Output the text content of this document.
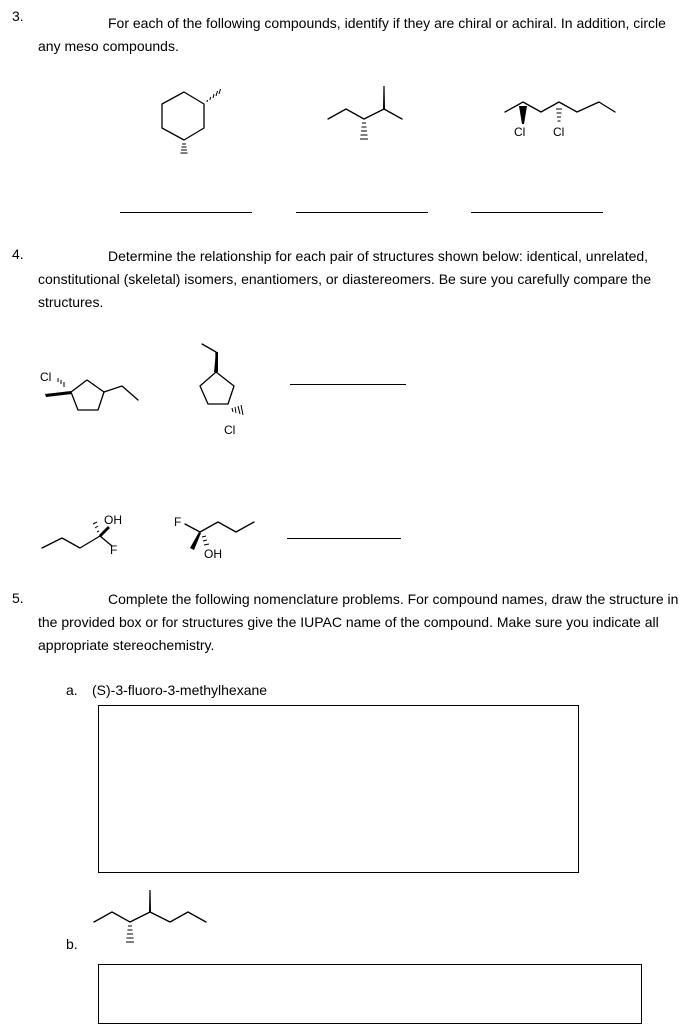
3.	For each of the following compounds, identify if they are chiral or achiral. In addition, circle any meso compounds.
Cl Cl
4.	Determine the relationship for each pair of structures shown below: identical, unrelated, constitutional (skeletal) isomers, enantiomers, or diastereomers. Be sure you carefully compare the structures.
Cl
Cl
OH
F
F
OH
5.	Complete the following nomenclature problems. For compound names, draw the structure in the provided box or for structures give the IUPAC name of the compound. Make sure you indicate all appropriate stereochemistry.
a. (S)-3-fluoro-3-methylhexane
b.
